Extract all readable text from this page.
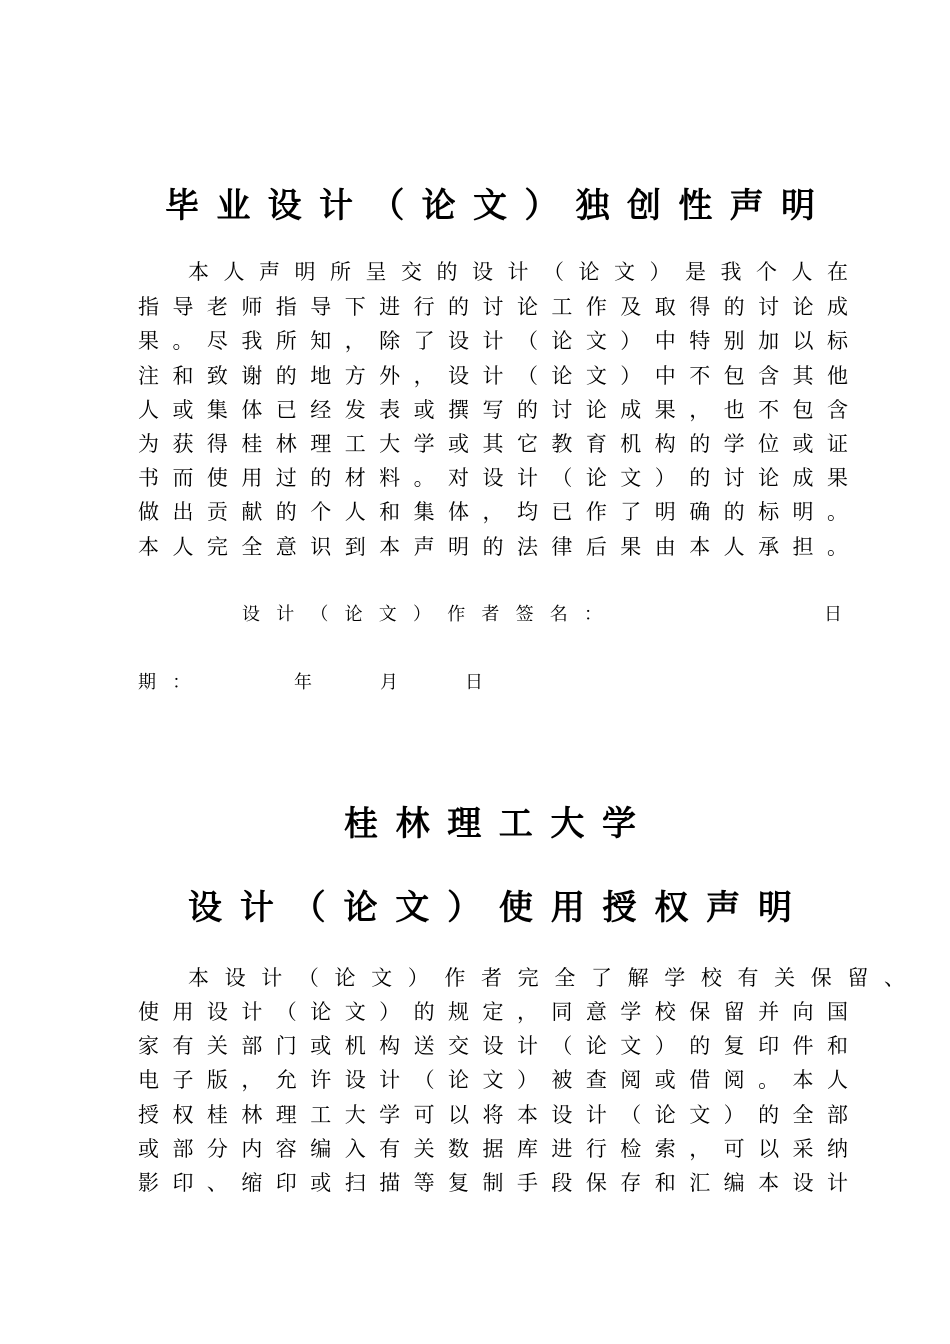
毕业设计（论文）独创性声明
本人声明所呈交的设计（论文）是我个人在
指导老师指导下进行的讨论工作及取得的讨论成
果。尽我所知，除了设计（论文）中特别加以标
注和致谢的地方外，设计（论文）中不包含其他
人或集体已经发表或撰写的讨论成果，也不包含
为获得桂林理工大学或其它教育机构的学位或证
书而使用过的材料。对设计（论文）的讨论成果
做出贡献的个人和集体，均已作了明确的标明。
本人完全意识到本声明的法律后果由本人承担。
设计（论文）作者签名：	日
期：	年	月	日
桂林理工大学
设计（论文）使用授权声明
本设计（论文）作者完全了解学校有关保留、
使用设计（论文）的规定，同意学校保留并向国
家有关部门或机构送交设计（论文）的复印件和
电子版，允许设计（论文）被查阅或借阅。本人
授权桂林理工大学可以将本设计（论文）的全部
或部分内容编入有关数据库进行检索，可以采纳
影印、缩印或扫描等复制手段保存和汇编本设计
